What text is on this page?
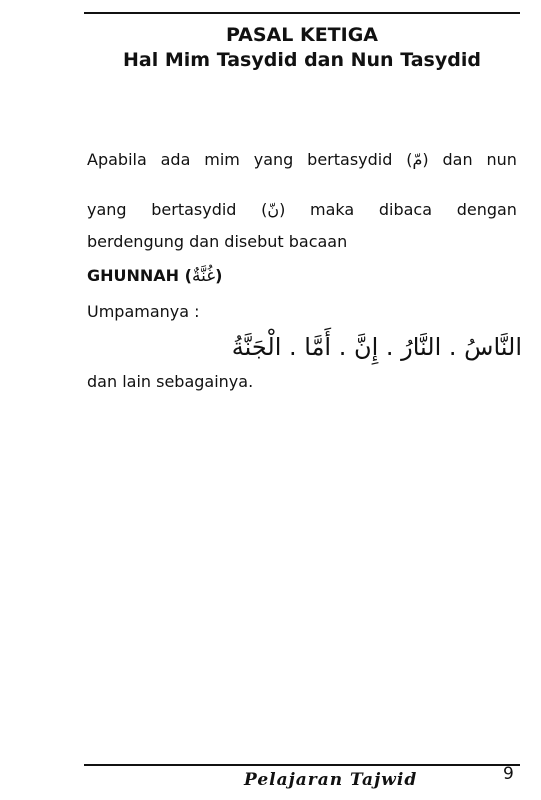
PASAL KETIGA
Hal Mim Tasydid dan Nun Tasydid
Apabila ada mim yang bertasydid (مّ) dan nun
yang bertasydid (نّ) maka dibaca dengan

berdengung dan disebut bacaan

GHUNNAH (غُنَّةٌ)

Umpamanya :

النَّاسُ . النَّارُ . إِنَّ . أَمَّا . الْجَنَّةُ

dan lain sebagainya.

Pelajaran Tajwid	9
